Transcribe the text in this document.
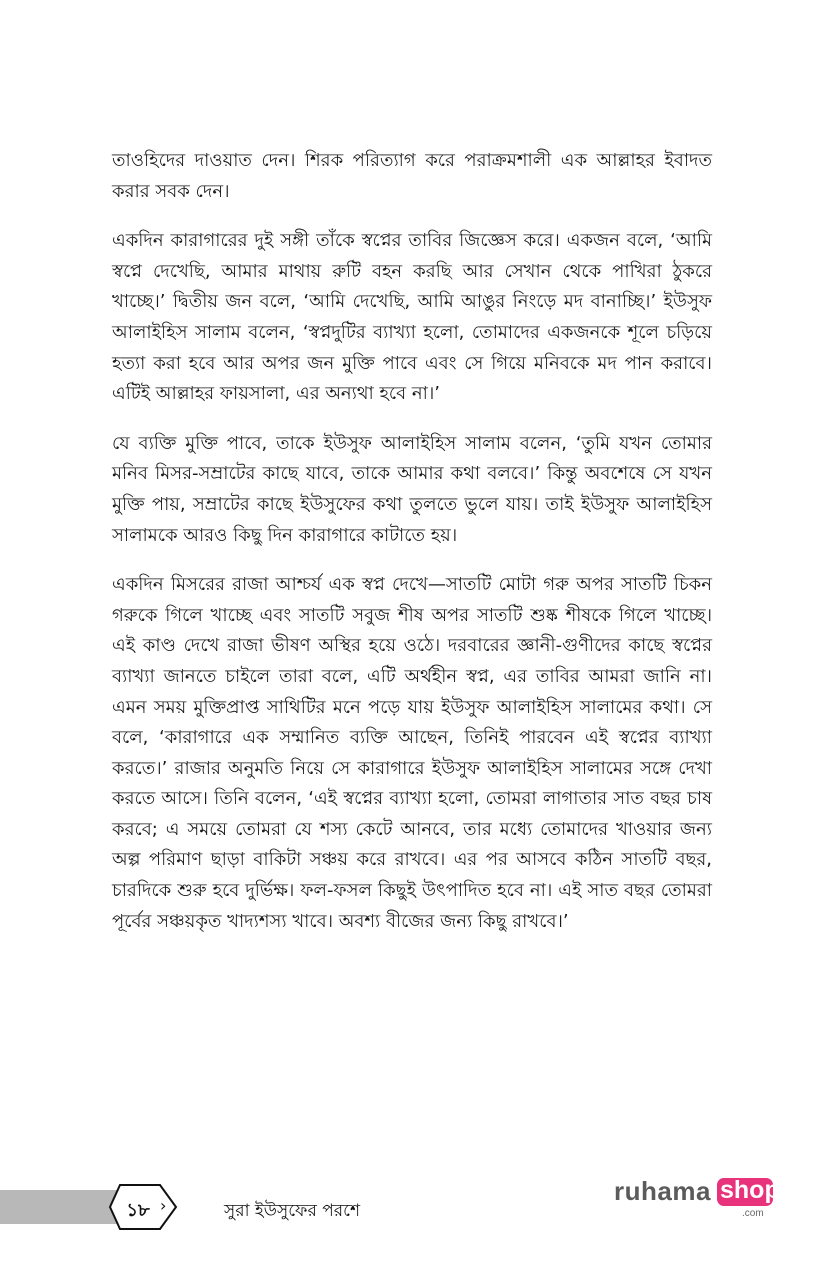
তাওহিদের দাওয়াত দেন। শিরক পরিত্যাগ করে পরাক্রমশালী এক আল্লাহর ইবাদত করার সবক দেন।

একদিন কারাগারের দুই সঙ্গী তাঁকে স্বপ্নের তাবির জিজ্ঞেস করে। একজন বলে, ‘আমি স্বপ্নে দেখেছি, আমার মাথায় রুটি বহন করছি আর সেখান থেকে পাখিরা ঠুকরে খাচ্ছে।’ দ্বিতীয় জন বলে, ‘আমি দেখেছি, আমি আঙুর নিংড়ে মদ বানাচ্ছি।’ ইউসুফ আলাইহিস সালাম বলেন, ‘স্বপ্নদুটির ব্যাখ্যা হলো, তোমাদের একজনকে শূলে চড়িয়ে হত্যা করা হবে আর অপর জন মুক্তি পাবে এবং সে গিয়ে মনিবকে মদ পান করাবে। এটিই আল্লাহর ফায়সালা, এর অন্যথা হবে না।’

যে ব্যক্তি মুক্তি পাবে, তাকে ইউসুফ আলাইহিস সালাম বলেন, ‘তুমি যখন তোমার মনিব মিসর-সম্রাটের কাছে যাবে, তাকে আমার কথা বলবে।’ কিন্তু অবশেষে সে যখন মুক্তি পায়, সম্রাটের কাছে ইউসুফের কথা তুলতে ভুলে যায়। তাই ইউসুফ আলাইহিস সালামকে আরও কিছু দিন কারাগারে কাটাতে হয়।

একদিন মিসরের রাজা আশ্চর্য এক স্বপ্ন দেখে—সাতটি মোটা গরু অপর সাতটি চিকন গরুকে গিলে খাচ্ছে এবং সাতটি সবুজ শীষ অপর সাতটি শুষ্ক শীষকে গিলে খাচ্ছে। এই কাণ্ড দেখে রাজা ভীষণ অস্থির হয়ে ওঠে। দরবারের জ্ঞানী-গুণীদের কাছে স্বপ্নের ব্যাখ্যা জানতে চাইলে তারা বলে, এটি অর্থহীন স্বপ্ন, এর তাবির আমরা জানি না। এমন সময় মুক্তিপ্রাপ্ত সাথিটির মনে পড়ে যায় ইউসুফ আলাইহিস সালামের কথা। সে বলে, ‘কারাগারে এক সম্মানিত ব্যক্তি আছেন, তিনিই পারবেন এই স্বপ্নের ব্যাখ্যা করতে।’ রাজার অনুমতি নিয়ে সে কারাগারে ইউসুফ আলাইহিস সালামের সঙ্গে দেখা করতে আসে। তিনি বলেন, ‘এই স্বপ্নের ব্যাখ্যা হলো, তোমরা লাগাতার সাত বছর চাষ করবে; এ সময়ে তোমরা যে শস্য কেটে আনবে, তার মধ্যে তোমাদের খাওয়ার জন্য অল্প পরিমাণ ছাড়া বাকিটা সঞ্চয় করে রাখবে। এর পর আসবে কঠিন সাতটি বছর, চারদিকে শুরু হবে দুর্ভিক্ষ। ফল-ফসল কিছুই উৎপাদিত হবে না। এই সাত বছর তোমরা পূর্বের সঞ্চয়কৃত খাদ্যশস্য খাবে। অবশ্য বীজের জন্য কিছু রাখবে।’

১৮ ›	সুরা ইউসুফের পরশে
ruhama shop
.com
